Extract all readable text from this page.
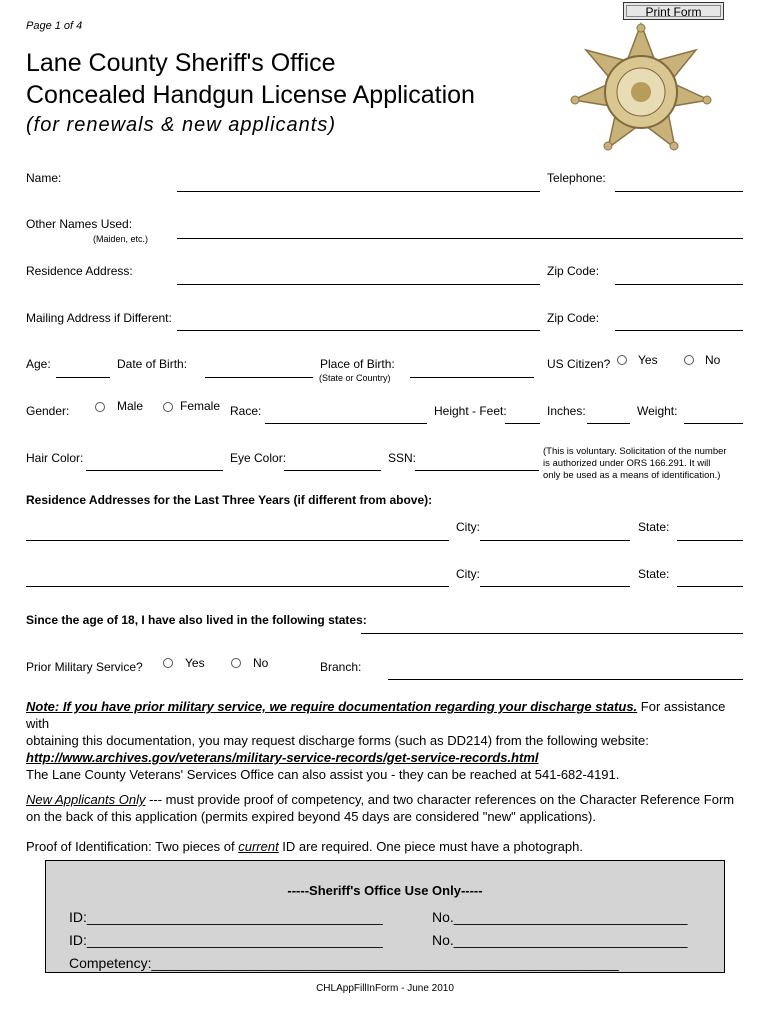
Print Form
Page 1 of 4
Lane County Sheriff's Office
Concealed Handgun License Application
(for renewals & new applicants)
Name:	Telephone:
Other Names Used:
(Maiden, etc.)
Residence Address:	Zip Code:
Mailing Address if Different:	Zip Code:
Age:	Date of Birth:	Place of Birth:
(State or Country)
US Citizen? Yes	No
Gender:	Male	Female Race:	Height - Feet:	Inches:	Weight:
Hair Color:	Eye Color:	SSN:	(This is voluntary. Solicitation of the number
is authorized under ORS 166.291. It will
only be used as a means of identification.)
Residence Addresses for the Last Three Years (if different from above):
City:	State:
City:	State:
Since the age of 18, I have also lived in the following states:
Prior Military Service?	Yes	No	Branch:
Note: If you have prior military service, we require documentation regarding your discharge status. For assistance with
obtaining this documentation, you may request discharge forms (such as DD214) from the following website:
http://www.archives.gov/veterans/military-service-records/get-service-records.html
The Lane County Veterans' Services Office can also assist you - they can be reached at 541-682-4191.
New Applicants Only --- must provide proof of competency, and two character references on the Character Reference Form on the back of this application (permits expired beyond 45 days are considered "new" applications).
Proof of Identification: Two pieces of current ID are required. One piece must have a photograph.
-----Sheriff's Office Use Only-----
ID:______________________________________	No.______________________________
ID:______________________________________	No.______________________________
Competency:____________________________________________________________
CHLAppFillInForm - June 2010
